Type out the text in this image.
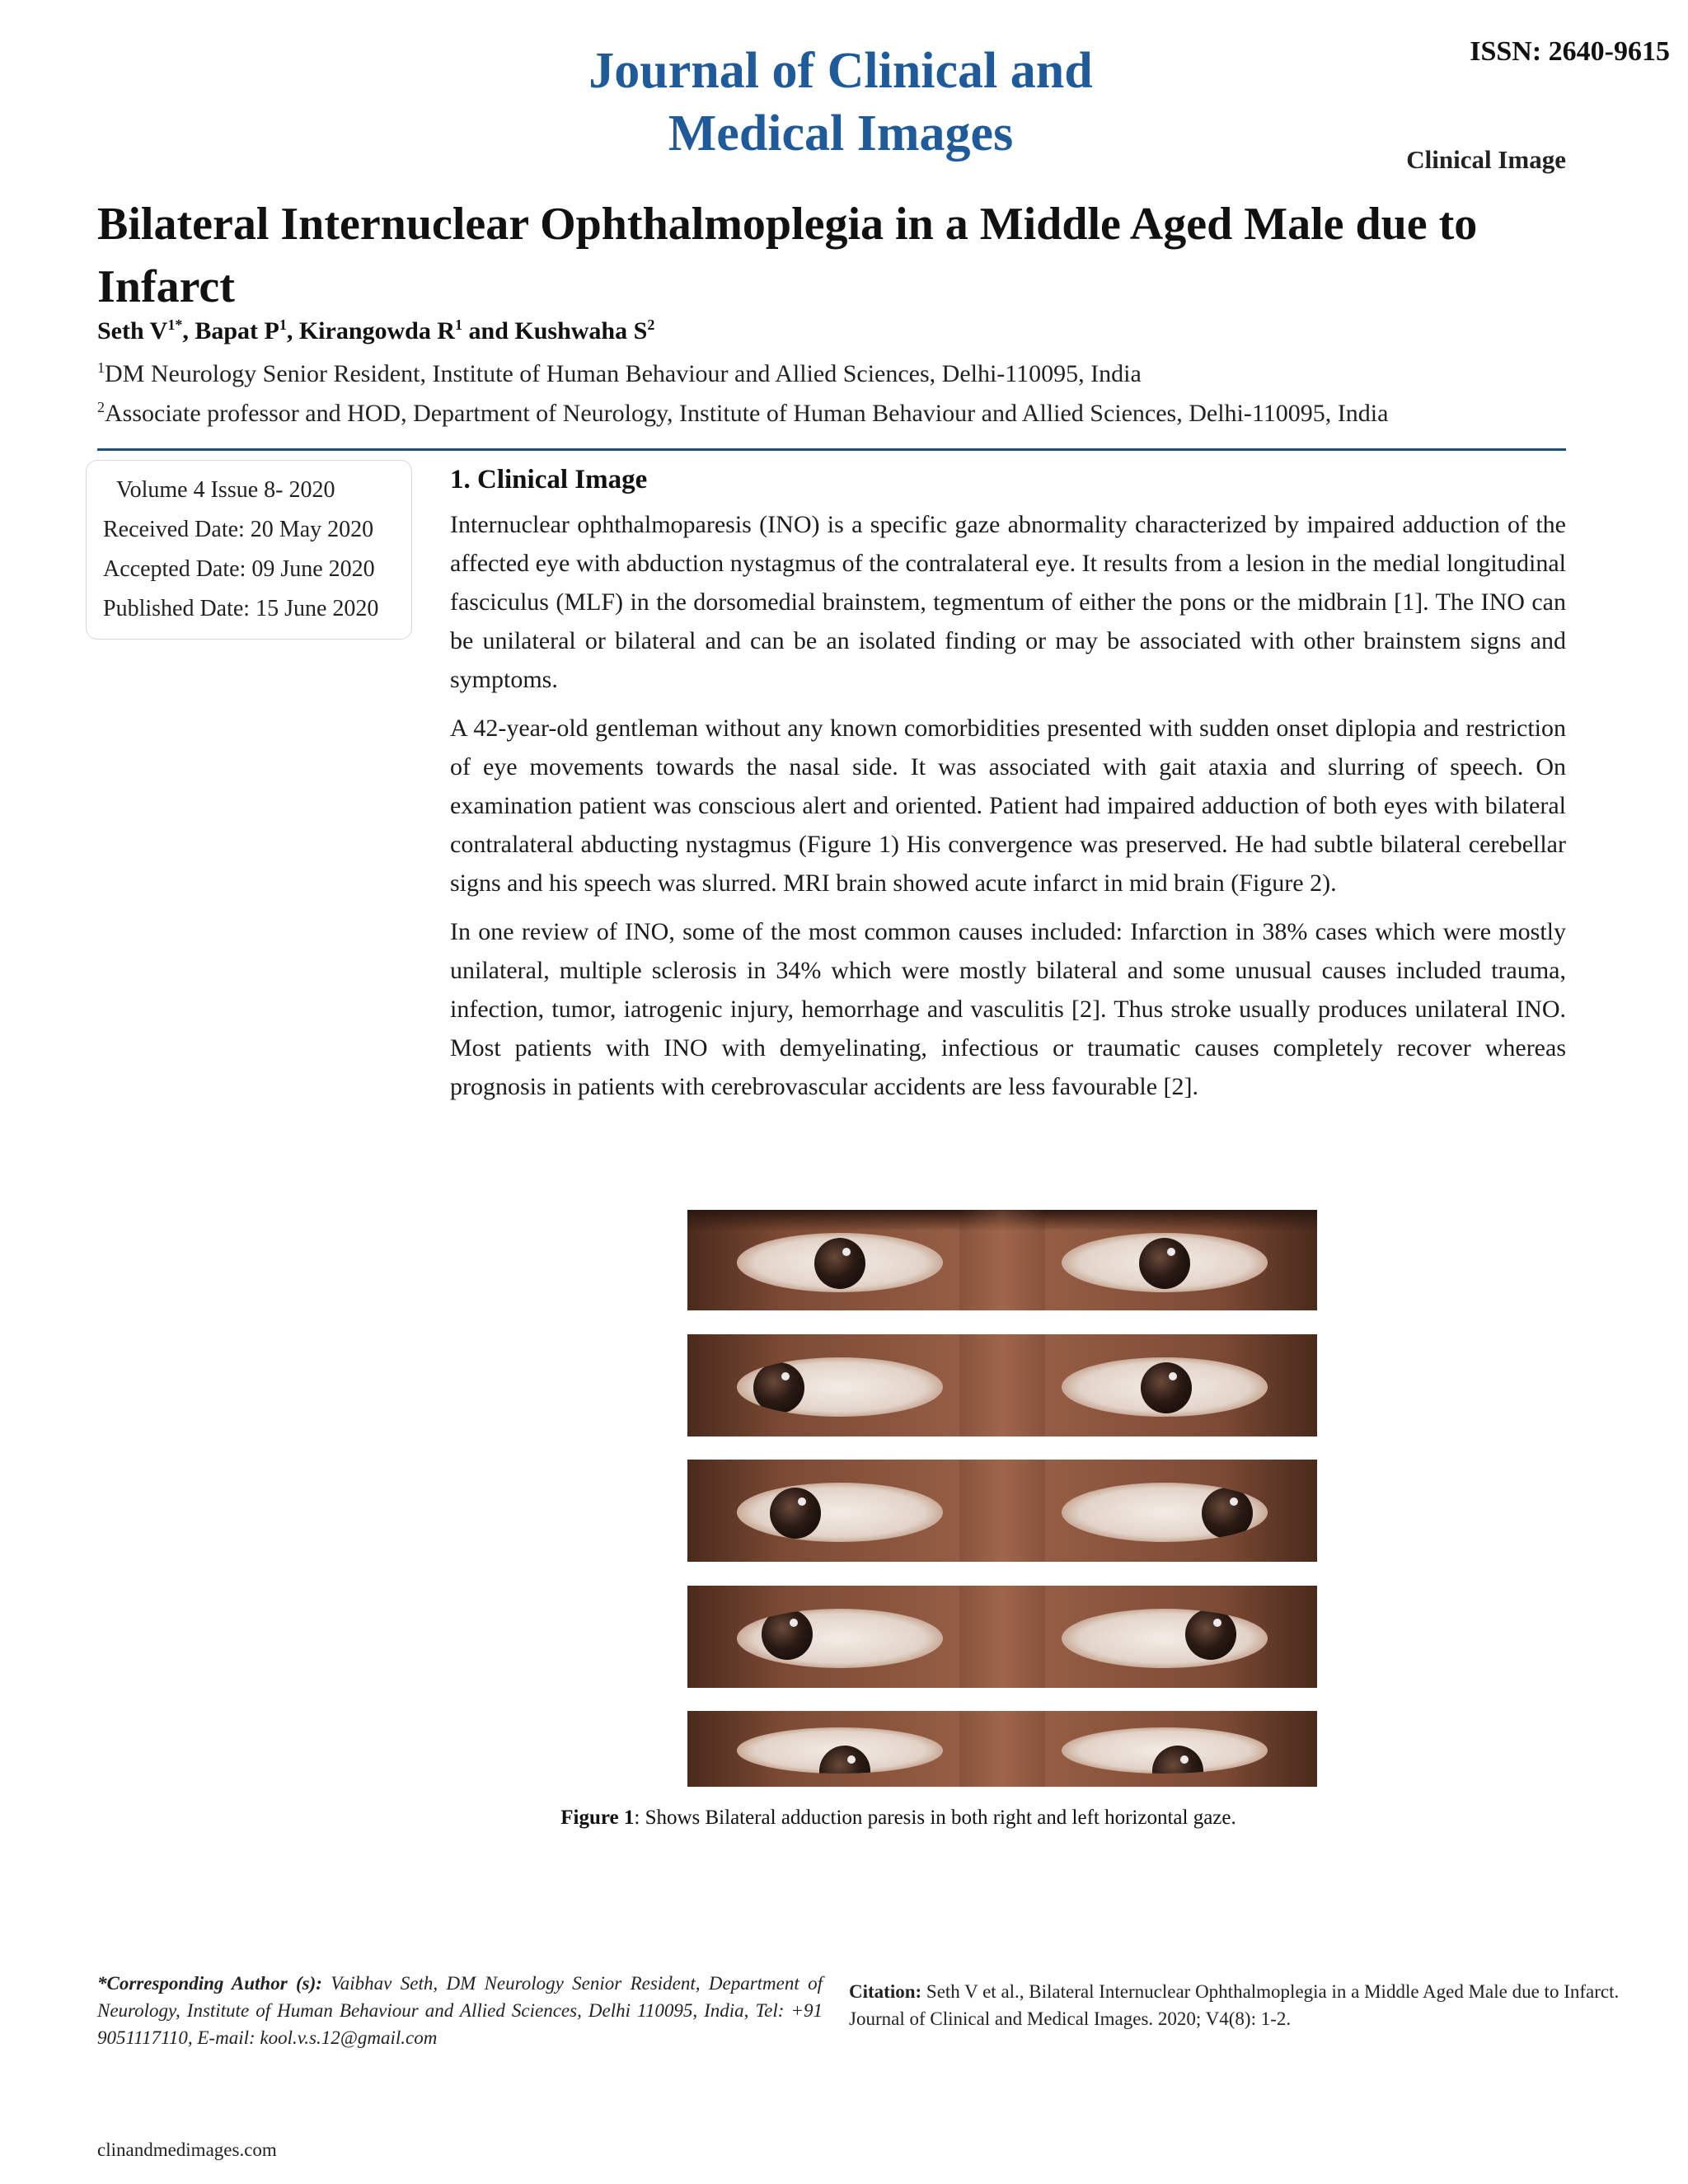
Journal of Clinical and
Medical Images
ISSN: 2640-9615
Clinical Image
Bilateral Internuclear Ophthalmoplegia in a Middle Aged Male due to Infarct
Seth $V^{1*}$, Bapat $P^1$, Kirangowda $R^1$ and Kushwaha $S^2$
$^1$DM Neurology Senior Resident, Institute of Human Behaviour and Allied Sciences, Delhi-110095, India
$^2$Associate professor and HOD, Department of Neurology, Institute of Human Behaviour and Allied Sciences, Delhi-110095, India
Volume 4 Issue 8- 2020
Received Date: 20 May 2020
Accepted Date: 09 June 2020
Published Date: 15 June 2020
1. Clinical Image

Internuclear ophthalmoparesis (INO) is a specific gaze abnormality characterized by impaired adduction of the affected eye with abduction nystagmus of the contralateral eye. It results from a lesion in the medial longitudinal fasciculus (MLF) in the dorsomedial brainstem, tegmentum of either the pons or the midbrain [1]. The INO can be unilateral or bilateral and can be an isolated finding or may be associated with other brainstem signs and symptoms.

A 42-year-old gentleman without any known comorbidities presented with sudden onset diplopia and restriction of eye movements towards the nasal side. It was associated with gait ataxia and slurring of speech. On examination patient was conscious alert and oriented. Patient had impaired adduction of both eyes with bilateral contralateral abducting nystagmus (Figure 1) His convergence was preserved. He had subtle bilateral cerebellar signs and his speech was slurred. MRI brain showed acute infarct in mid brain (Figure 2).

In one review of INO, some of the most common causes included: Infarction in 38% cases which were mostly unilateral, multiple sclerosis in 34% which were mostly bilateral and some unusual causes included trauma, infection, tumor, iatrogenic injury, hemorrhage and vasculitis [2]. Thus stroke usually produces unilateral INO. Most patients with INO with demyelinating, infectious or traumatic causes completely recover whereas prognosis in patients with cerebrovascular accidents are less favourable [2].

Figure 1: Shows Bilateral adduction paresis in both right and left horizontal gaze.
*Corresponding Author (s): Vaibhav Seth, DM Neurology Senior Resident, Department of Neurology, Institute of Human Behaviour and Allied Sciences, Delhi 110095, India, Tel: +91 9051117110, E-mail: kool.v.s.12@gmail.com
Citation: Seth V et al., Bilateral Internuclear Ophthalmoplegia in a Middle Aged Male due to Infarct. Journal of Clinical and Medical Images. 2020; V4(8): 1-2.
clinandmedimages.com
